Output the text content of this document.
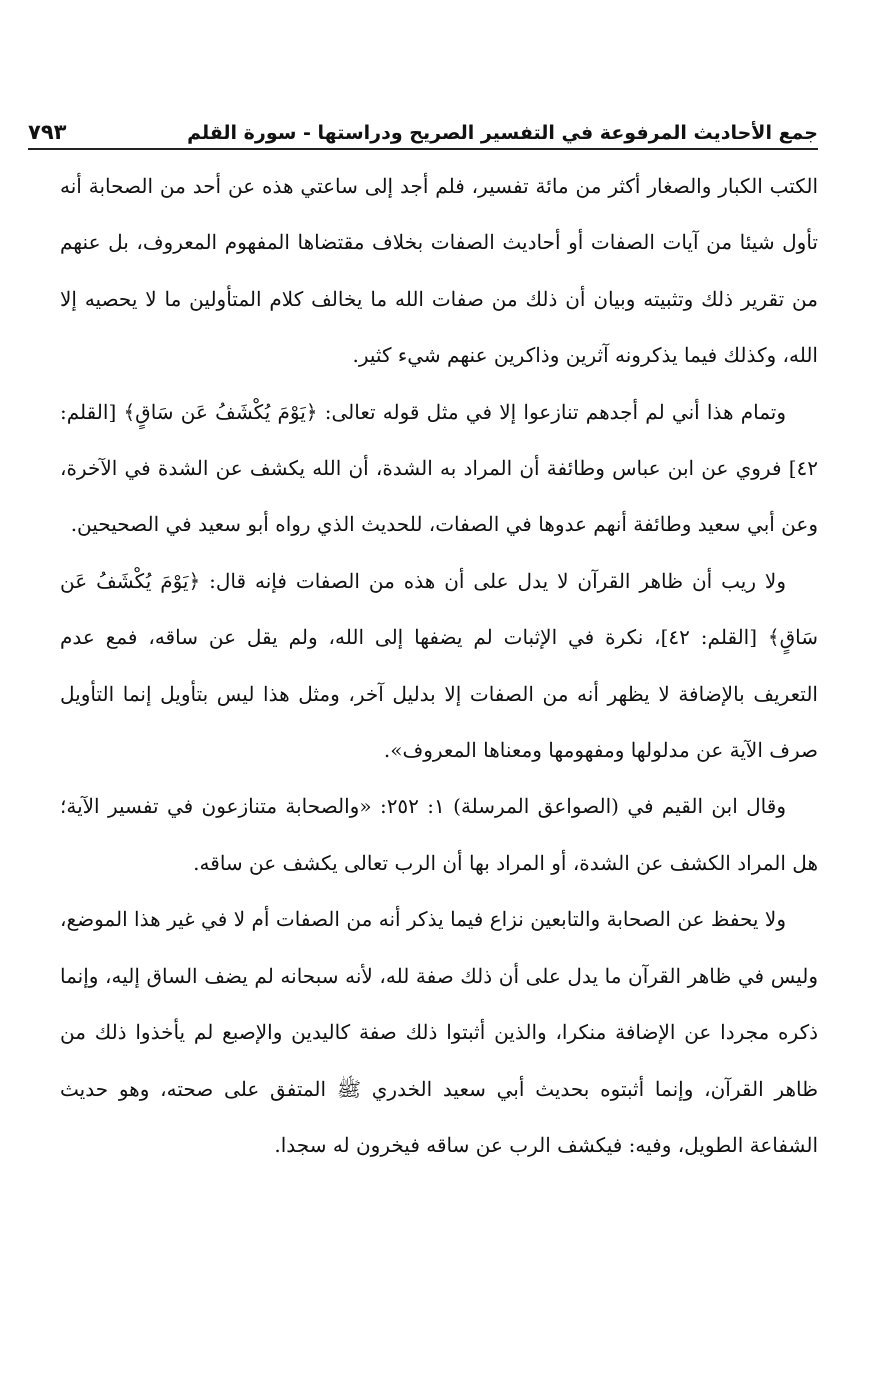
جمع الأحاديث المرفوعة في التفسير الصريح ودراستها - سورة القلم
٧٩٣

الكتب الكبار والصغار أكثر من مائة تفسير، فلم أجد إلى ساعتي هذه عن أحد من الصحابة أنه تأول شيئا من آيات الصفات أو أحاديث الصفات بخلاف مقتضاها المفهوم المعروف، بل عنهم من تقرير ذلك وتثبيته وبيان أن ذلك من صفات الله ما يخالف كلام المتأولين ما لا يحصيه إلا الله، وكذلك فيما يذكرونه آثرين وذاكرين عنهم شيء كثير.

وتمام هذا أني لم أجدهم تنازعوا إلا في مثل قوله تعالى: ﴿يَوْمَ يُكْشَفُ عَن سَاقٍ﴾ [القلم: ٤٢] فروي عن ابن عباس وطائفة أن المراد به الشدة، أن الله يكشف عن الشدة في الآخرة، وعن أبي سعيد وطائفة أنهم عدوها في الصفات، للحديث الذي رواه أبو سعيد في الصحيحين.

ولا ريب أن ظاهر القرآن لا يدل على أن هذه من الصفات فإنه قال: ﴿يَوْمَ يُكْشَفُ عَن سَاقٍ﴾ [القلم: ٤٢]، نكرة في الإثبات لم يضفها إلى الله، ولم يقل عن ساقه، فمع عدم التعريف بالإضافة لا يظهر أنه من الصفات إلا بدليل آخر، ومثل هذا ليس بتأويل إنما التأويل صرف الآية عن مدلولها ومفهومها ومعناها المعروف».

وقال ابن القيم في (الصواعق المرسلة) ١: ٢٥٢: «والصحابة متنازعون في تفسير الآية؛ هل المراد الكشف عن الشدة، أو المراد بها أن الرب تعالى يكشف عن ساقه.

ولا يحفظ عن الصحابة والتابعين نزاع فيما يذكر أنه من الصفات أم لا في غير هذا الموضع، وليس في ظاهر القرآن ما يدل على أن ذلك صفة لله، لأنه سبحانه لم يضف الساق إليه، وإنما ذكره مجردا عن الإضافة منكرا، والذين أثبتوا ذلك صفة كاليدين والإصبع لم يأخذوا ذلك من ظاهر القرآن، وإنما أثبتوه بحديث أبي سعيد الخدري ﷺ المتفق على صحته، وهو حديث الشفاعة الطويل، وفيه: فيكشف الرب عن ساقه فيخرون له سجدا.
